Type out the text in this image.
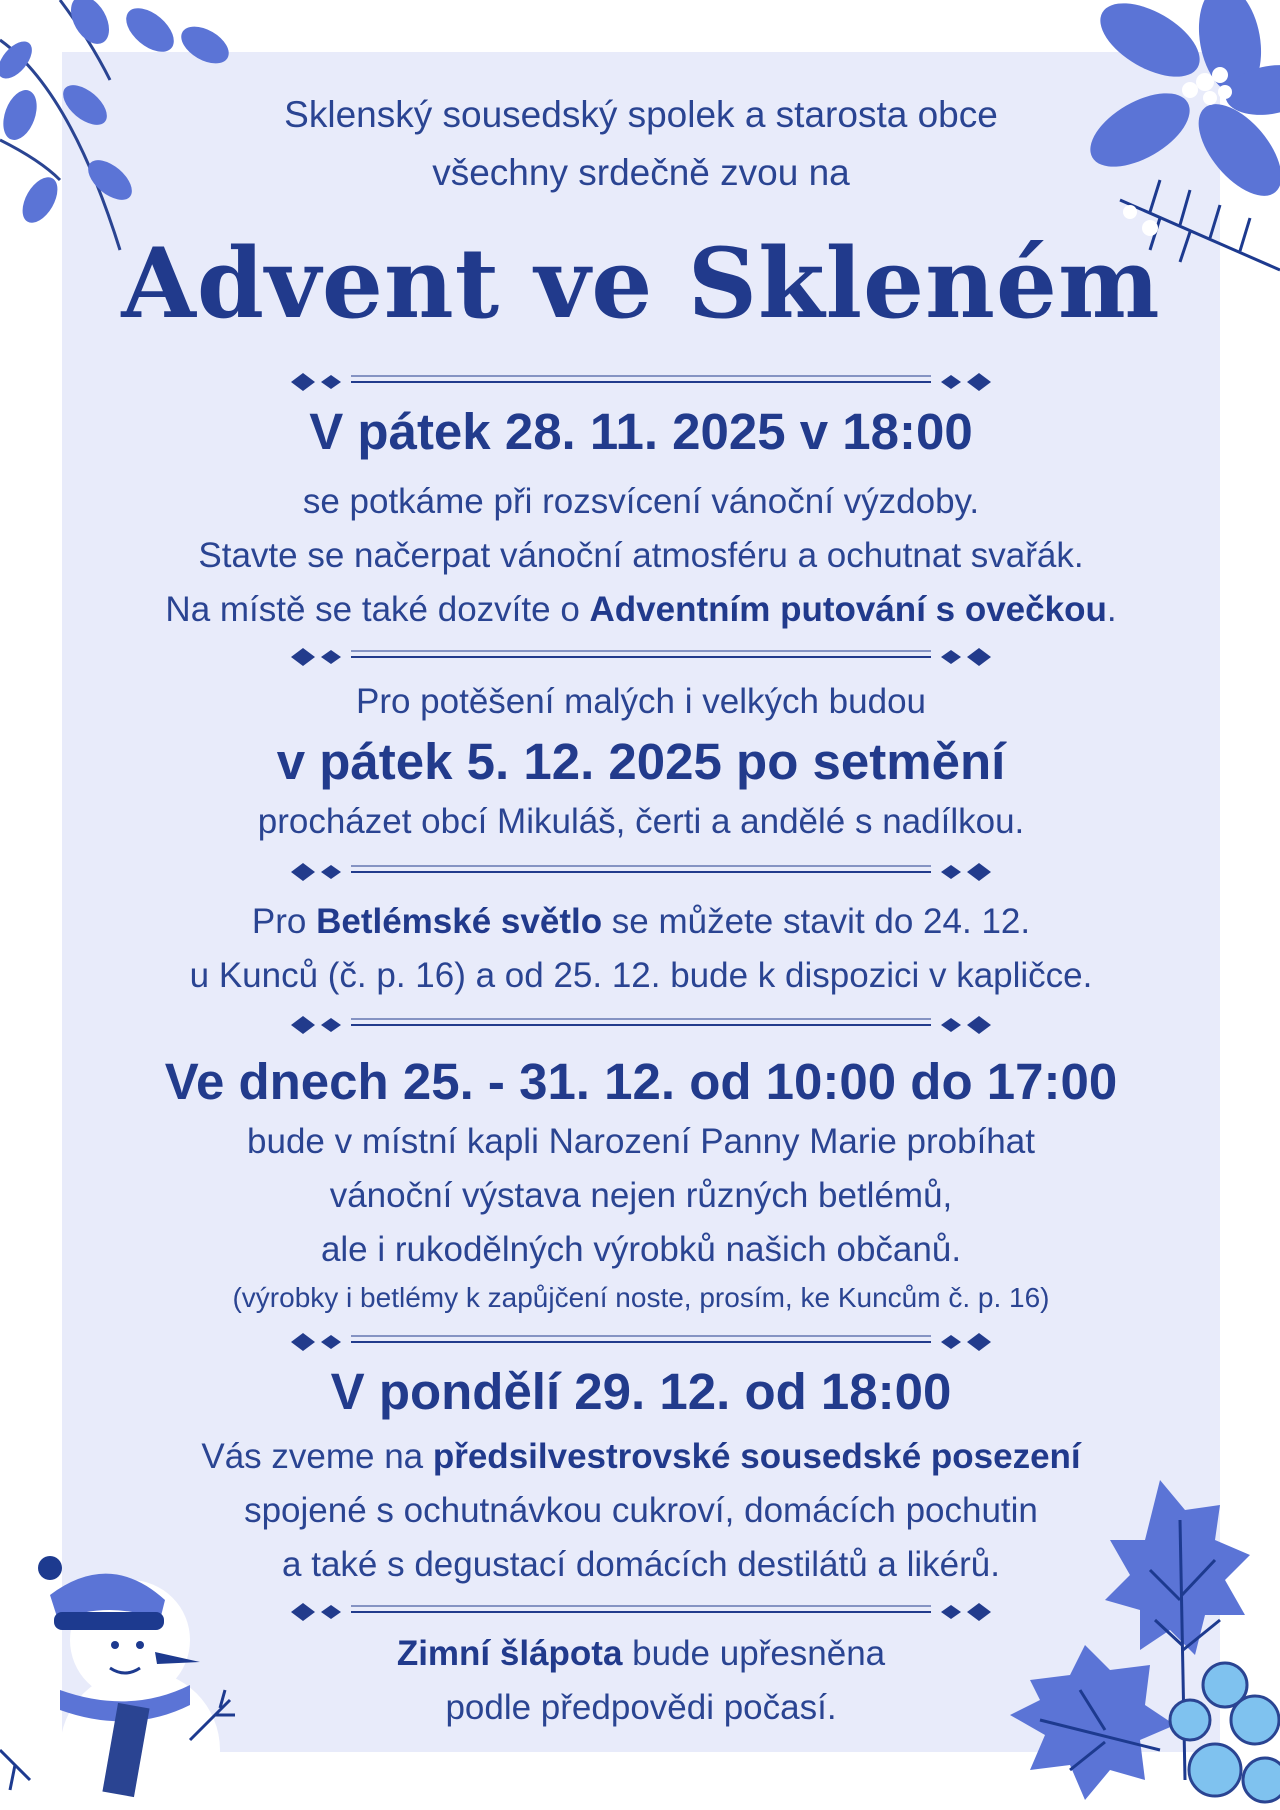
Sklenský sousedský spolek a starosta obce
všechny srdečně zvou na
Advent ve Skleném
V pátek 28. 11. 2025 v 18:00
se potkáme při rozsvícení vánoční výzdoby.
Stavte se načerpat vánoční atmosféru a ochutnat svařák.
Na místě se také dozvíte o Adventním putování s ovečkou.
Pro potěšení malých i velkých budou
v pátek 5. 12. 2025 po setmění
procházet obcí Mikuláš, čerti a andělé s nadílkou.
Pro Betlémské světlo se můžete stavit do 24. 12.
u Kunců (č. p. 16) a od 25. 12. bude k dispozici v kapličce.
Ve dnech 25. - 31. 12. od 10:00 do 17:00
bude v místní kapli Narození Panny Marie probíhat
vánoční výstava nejen různých betlémů,
ale i rukodělných výrobků našich občanů.
(výrobky i betlémy k zapůjčení noste, prosím, ke Kuncům č. p. 16)
V pondělí 29. 12. od 18:00
Vás zveme na předsilvestrovské sousedské posezení
spojené s ochutnávkou cukroví, domácích pochutin
a také s degustací domácích destilátů a likérů.
Zimní šlápota bude upřesněna
podle předpovědi počasí.
